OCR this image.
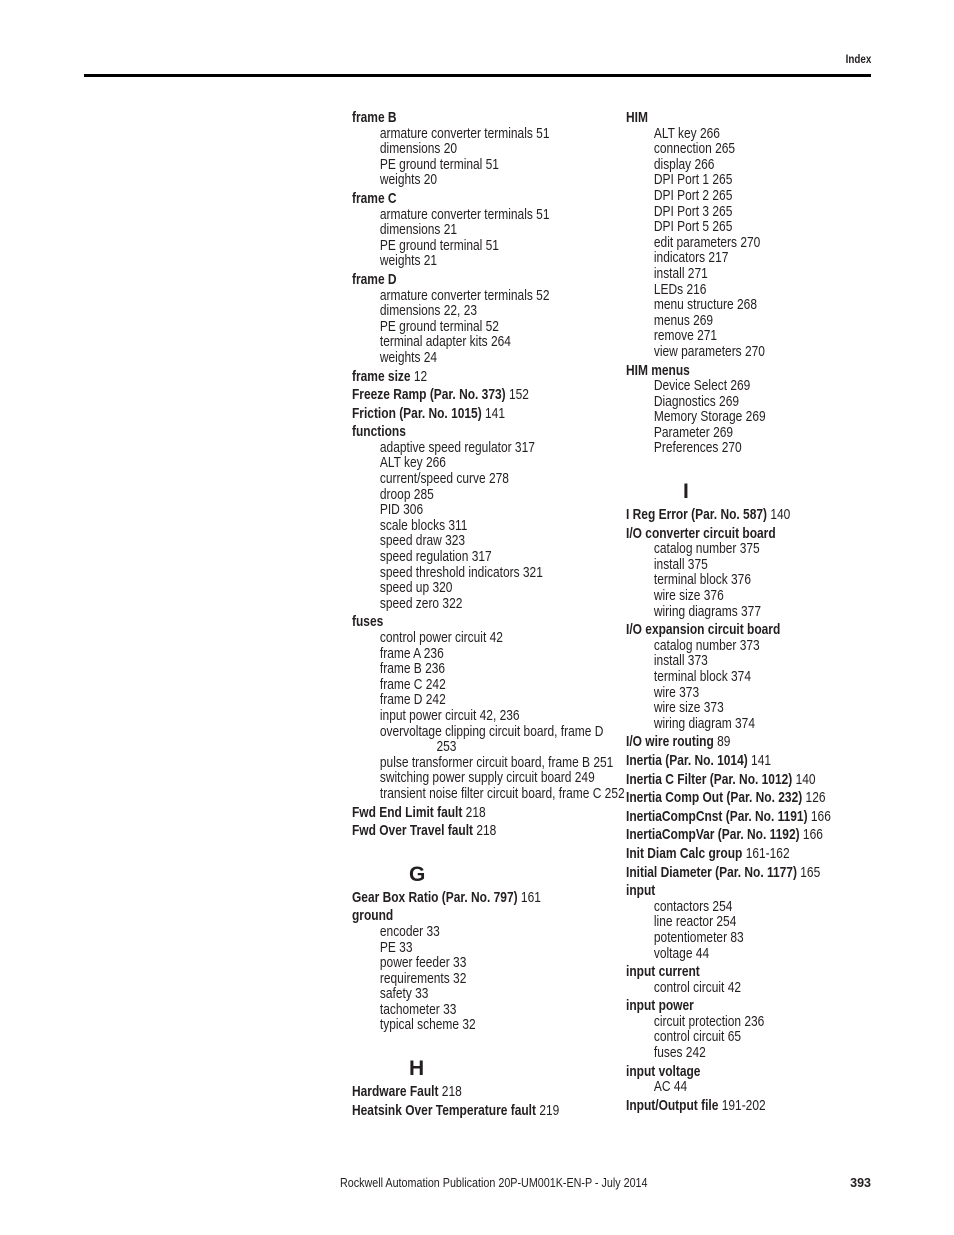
Index
frame B
armature converter terminals 51
dimensions 20
PE ground terminal 51
weights 20
frame C
armature converter terminals 51
dimensions 21
PE ground terminal 51
weights 21
frame D
armature converter terminals 52
dimensions 22, 23
PE ground terminal 52
terminal adapter kits 264
weights 24
frame size 12
Freeze Ramp (Par. No. 373) 152
Friction (Par. No. 1015) 141
functions
adaptive speed regulator 317
ALT key 266
current/speed curve 278
droop 285
PID 306
scale blocks 311
speed draw 323
speed regulation 317
speed threshold indicators 321
speed up 320
speed zero 322
fuses
control power circuit 42
frame A 236
frame B 236
frame C 242
frame D 242
input power circuit 42, 236
overvoltage clipping circuit board, frame D
253
pulse transformer circuit board, frame B 251
switching power supply circuit board 249
transient noise filter circuit board, frame C 252
Fwd End Limit fault 218
Fwd Over Travel fault 218
G
Gear Box Ratio (Par. No. 797) 161
ground
encoder 33
PE 33
power feeder 33
requirements 32
safety 33
tachometer 33
typical scheme 32
H
Hardware Fault 218
Heatsink Over Temperature fault 219
HIM
ALT key 266
connection 265
display 266
DPI Port 1 265
DPI Port 2 265
DPI Port 3 265
DPI Port 5 265
edit parameters 270
indicators 217
install 271
LEDs 216
menu structure 268
menus 269
remove 271
view parameters 270
HIM menus
Device Select 269
Diagnostics 269
Memory Storage 269
Parameter 269
Preferences 270
I
I Reg Error (Par. No. 587) 140
I/O converter circuit board
catalog number 375
install 375
terminal block 376
wire size 376
wiring diagrams 377
I/O expansion circuit board
catalog number 373
install 373
terminal block 374
wire 373
wire size 373
wiring diagram 374
I/O wire routing 89
Inertia (Par. No. 1014) 141
Inertia C Filter (Par. No. 1012) 140
Inertia Comp Out (Par. No. 232) 126
InertiaCompCnst (Par. No. 1191) 166
InertiaCompVar (Par. No. 1192) 166
Init Diam Calc group 161-162
Initial Diameter (Par. No. 1177) 165
input
contactors 254
line reactor 254
potentiometer 83
voltage 44
input current
control circuit 42
input power
circuit protection 236
control circuit 65
fuses 242
input voltage
AC 44
Input/Output file 191-202
Rockwell Automation Publication 20P-UM001K-EN-P - July 2014	393
